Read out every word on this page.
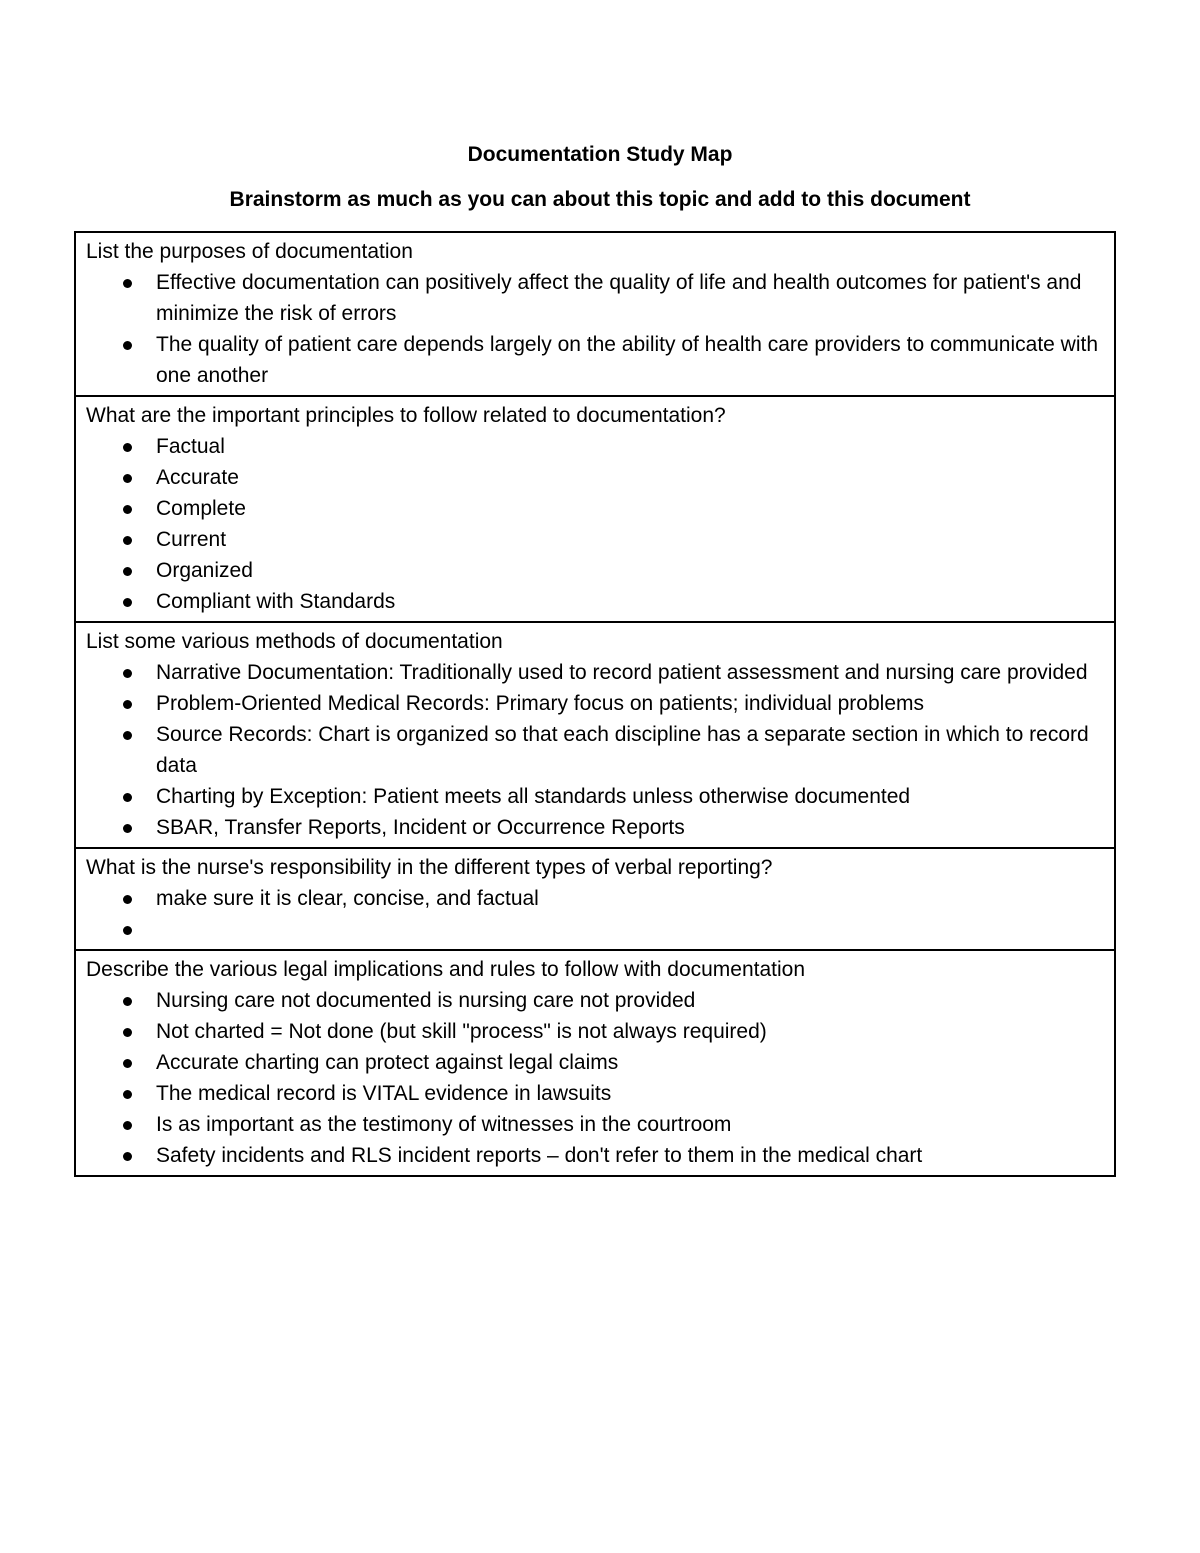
Documentation Study Map
Brainstorm as much as you can about this topic and add to this document
List the purposes of documentation
Effective documentation can positively affect the quality of life and health outcomes for patient's and minimize the risk of errors
The quality of patient care depends largely on the ability of health care providers to communicate with one another

What are the important principles to follow related to documentation?
Factual
Accurate
Complete
Current
Organized
Compliant with Standards

List some various methods of documentation
Narrative Documentation: Traditionally used to record patient assessment and nursing care provided
Problem-Oriented Medical Records: Primary focus on patients; individual problems
Source Records: Chart is organized so that each discipline has a separate section in which to record data
Charting by Exception: Patient meets all standards unless otherwise documented
SBAR, Transfer Reports, Incident or Occurrence Reports

What is the nurse's responsibility in the different types of verbal reporting?
make sure it is clear, concise, and factual

Describe the various legal implications and rules to follow with documentation
Nursing care not documented is nursing care not provided
Not charted = Not done (but skill "process" is not always required)
Accurate charting can protect against legal claims
The medical record is VITAL evidence in lawsuits
Is as important as the testimony of witnesses in the courtroom
Safety incidents and RLS incident reports – don't refer to them in the medical chart
